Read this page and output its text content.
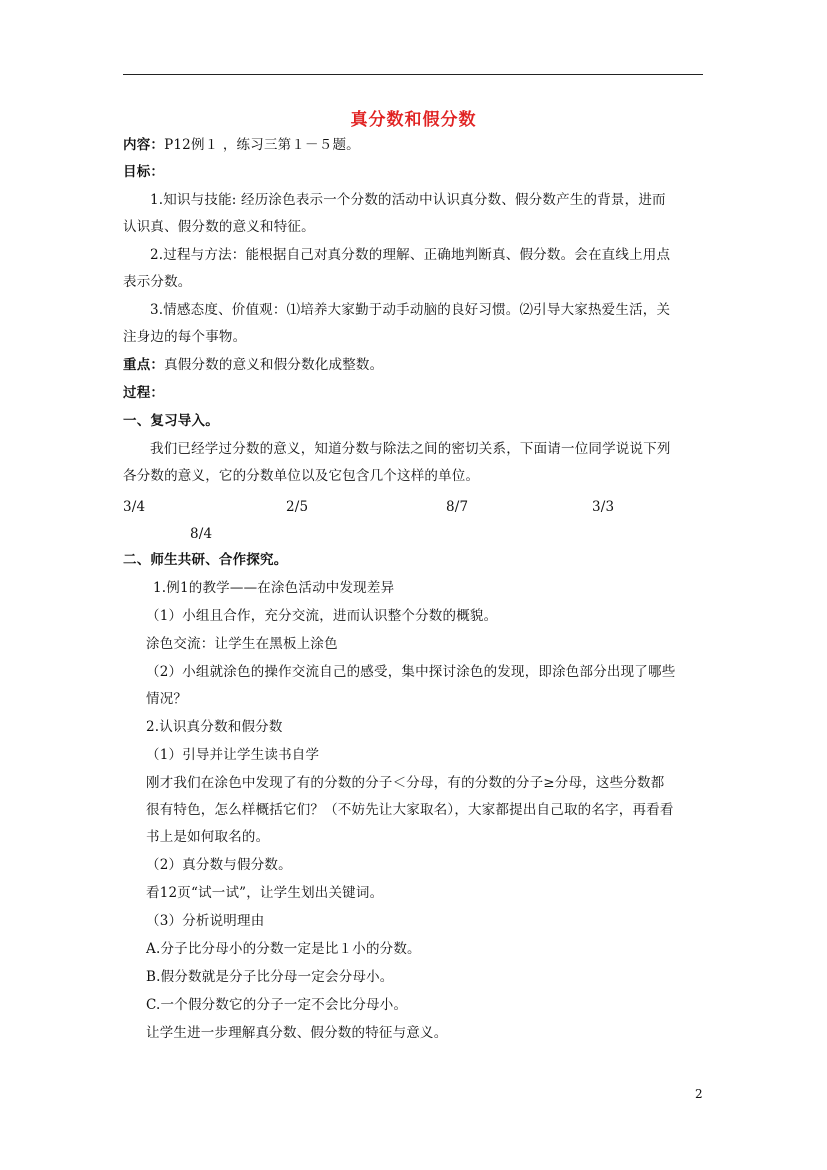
真分数和假分数
内容：P12例１ ，练习三第１－５题。
目标：
1.知识与技能: 经历涂色表示一个分数的活动中认识真分数、假分数产生的背景，进而
认识真、假分数的意义和特征。
2.过程与方法：能根据自己对真分数的理解、正确地判断真、假分数。会在直线上用点
表示分数。
3.情感态度、价值观：⑴培养大家勤于动手动脑的良好习惯。⑵引导大家热爱生活，关
注身边的每个事物。
重点：真假分数的意义和假分数化成整数。
过程：
一、复习导入。
我们已经学过分数的意义，知道分数与除法之间的密切关系，下面请一位同学说说下列
各分数的意义，它的分数单位以及它包含几个这样的单位。
3/4	2/5	8/7	3/3
8/4
二、师生共研、合作探究。
1.例1的教学——在涂色活动中发现差异
（1）小组且合作，充分交流，进而认识整个分数的概貌。
涂色交流：让学生在黑板上涂色
（2）小组就涂色的操作交流自己的感受，集中探讨涂色的发现，即涂色部分出现了哪些
情况？
2.认识真分数和假分数
（1）引导并让学生读书自学
刚才我们在涂色中发现了有的分数的分子＜分母，有的分数的分子≥分母，这些分数都
很有特色，怎么样概括它们？（不妨先让大家取名），大家都提出自己取的名字，再看看
书上是如何取名的。
（2）真分数与假分数。
看12页“试一试”，让学生划出关键词。
（3）分析说明理由
A.分子比分母小的分数一定是比１小的分数。
B.假分数就是分子比分母一定会分母小。
C.一个假分数它的分子一定不会比分母小。
让学生进一步理解真分数、假分数的特征与意义。
2
